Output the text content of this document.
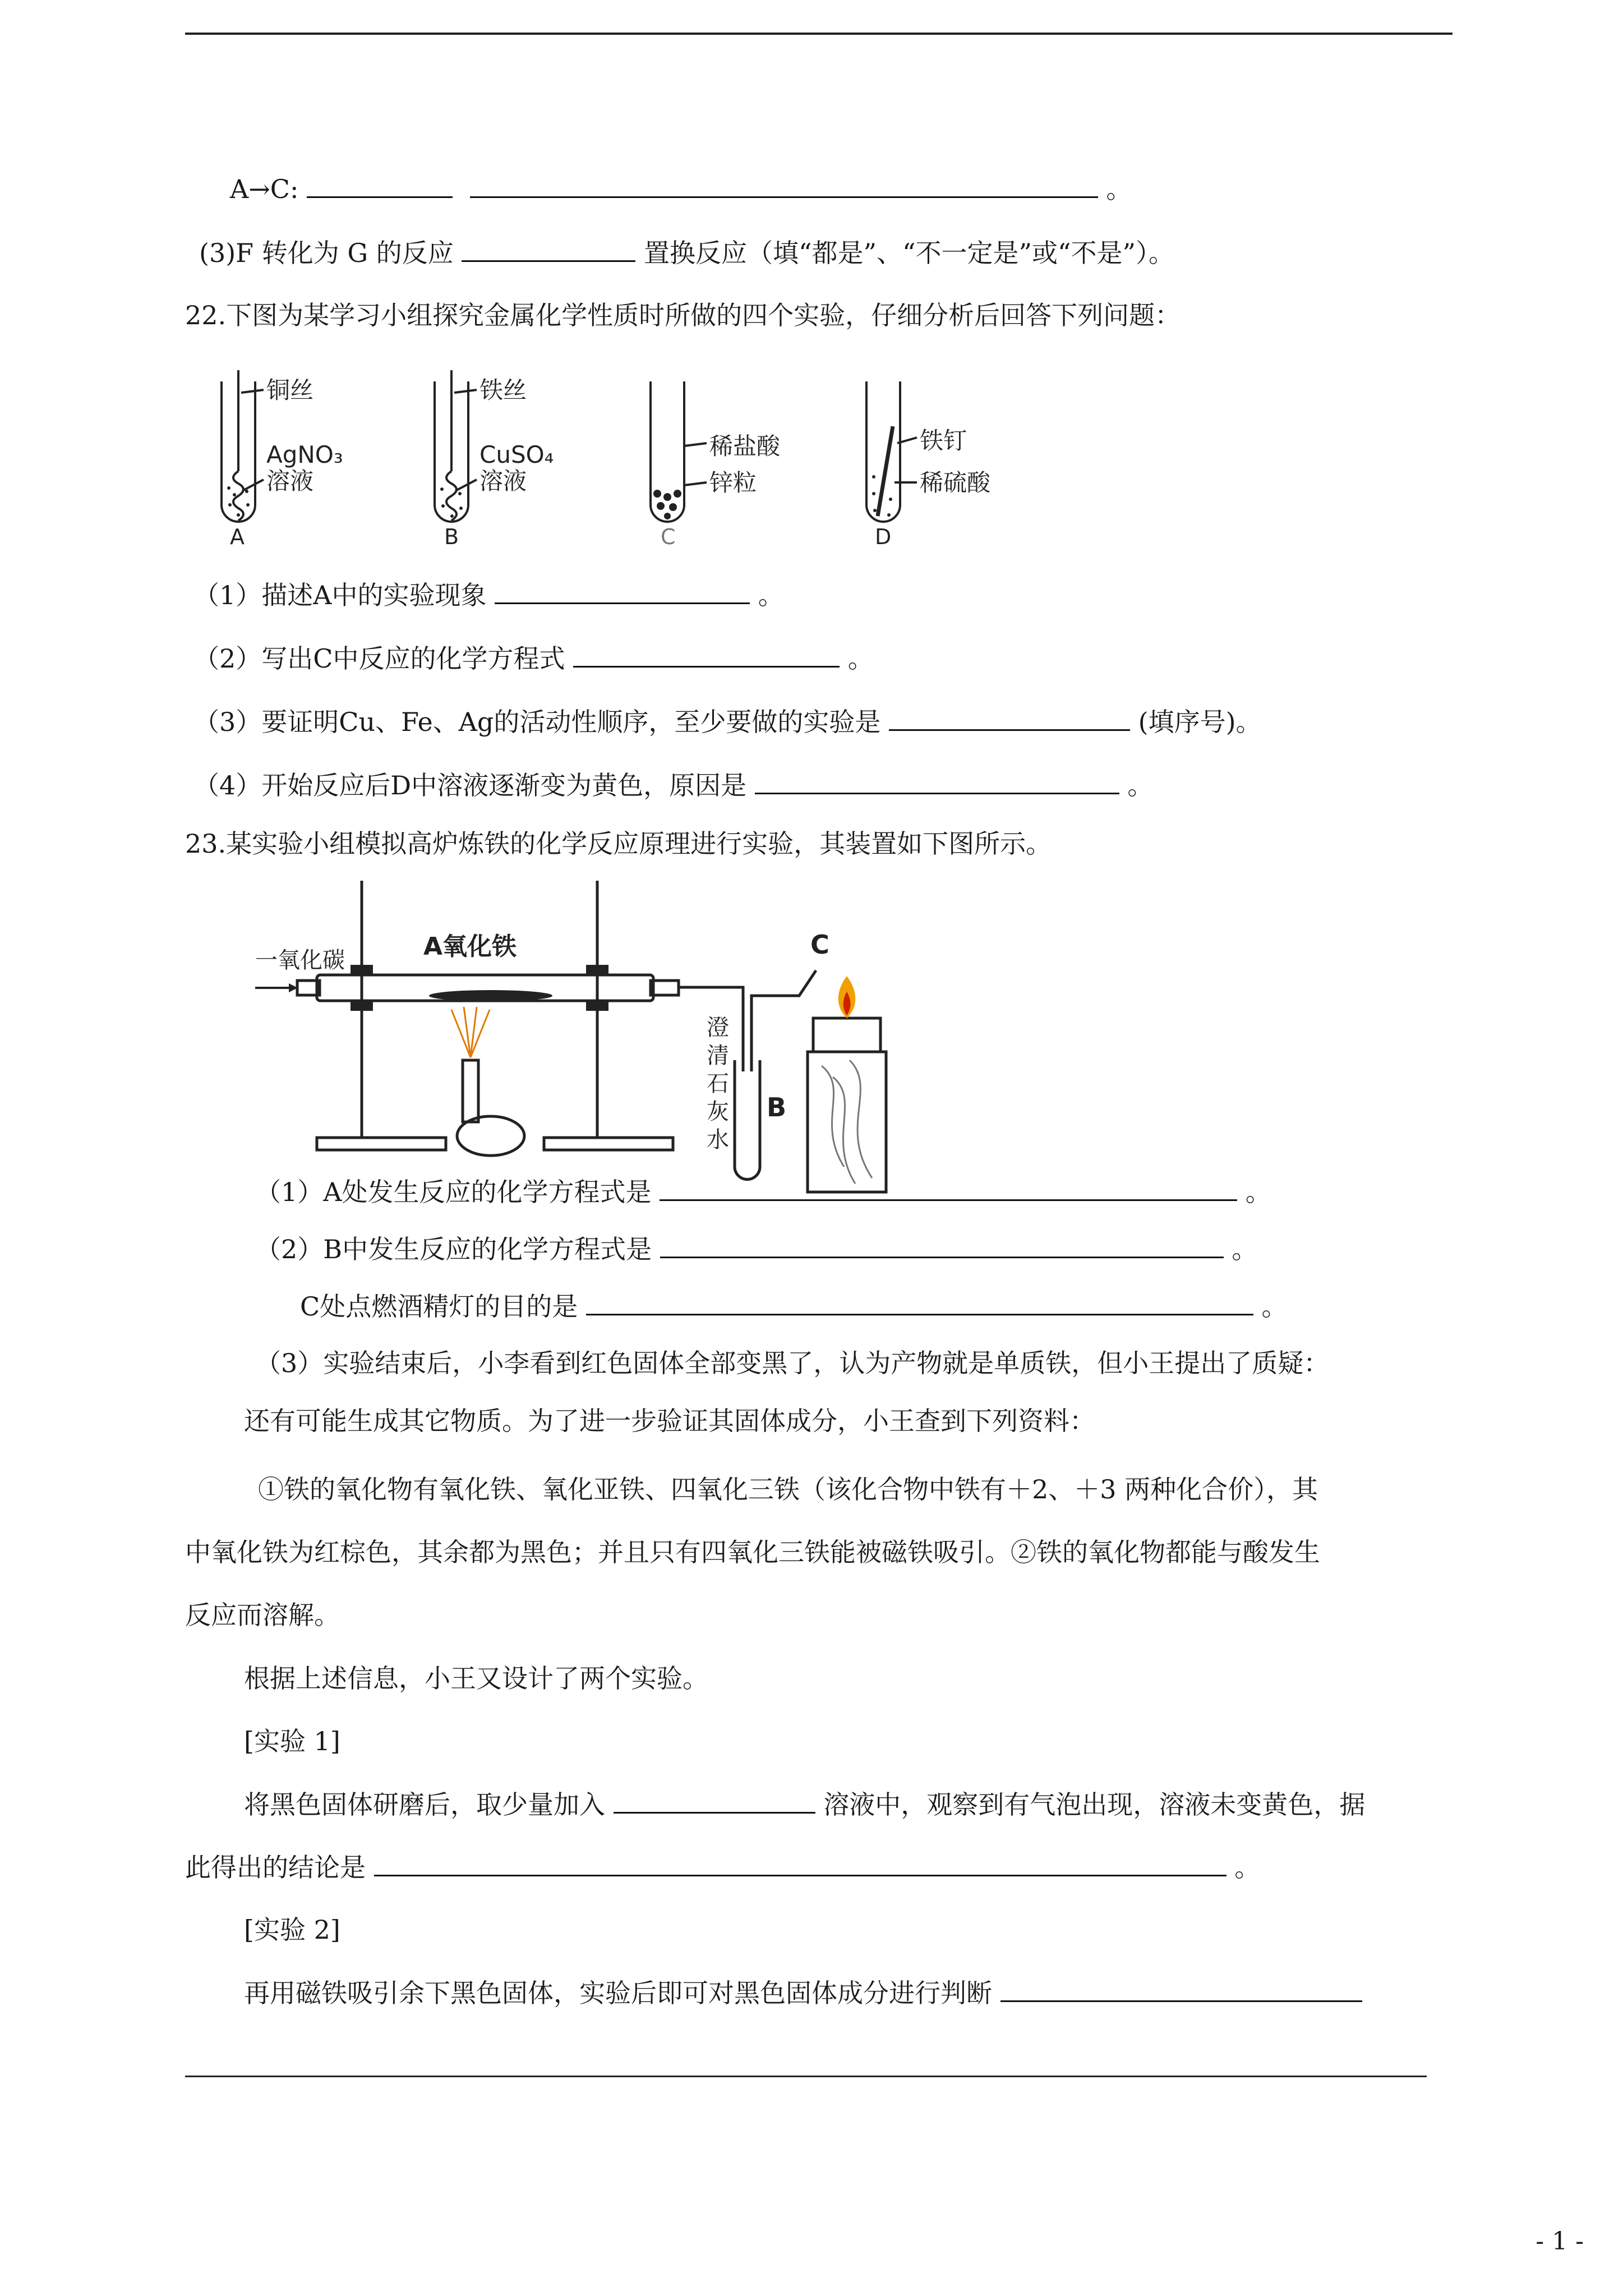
A→C:	。
(3)F 转化为 G 的反应	置换反应（填“都是”、“不一定是”或“不是”）。
22.下图为某学习小组探究金属化学性质时所做的四个实验，仔细分析后回答下列问题：
铜丝
AgNO₃
溶液
A
铁丝
CuSO₄
溶液
B
稀盐酸
锌粒
C
铁钉
稀硫酸
D
（1）描述A中的实验现象	。
（2）写出C中反应的化学方程式	。
（3）要证明Cu、Fe、Ag的活动性顺序，至少要做的实验是	(填序号)。
（4）开始反应后D中溶液逐渐变为黄色，原因是	。
23.某实验小组模拟高炉炼铁的化学反应原理进行实验，其装置如下图所示。
一氧化碳	A氧化铁	C
B
澄
清
石
灰
水
（1）A处发生反应的化学方程式是	。
（2）B中发生反应的化学方程式是	。
C处点燃酒精灯的目的是	。
（3）实验结束后，小李看到红色固体全部变黑了，认为产物就是单质铁，但小王提出了质疑：
还有可能生成其它物质。为了进一步验证其固体成分，小王查到下列资料：
①铁的氧化物有氧化铁、氧化亚铁、四氧化三铁（该化合物中铁有＋2、＋3 两种化合价），其
中氧化铁为红棕色，其余都为黑色；并且只有四氧化三铁能被磁铁吸引。②铁的氧化物都能与酸发生
反应而溶解。
根据上述信息，小王又设计了两个实验。
[实验 1]
将黑色固体研磨后，取少量加入	溶液中，观察到有气泡出现，溶液未变黄色，据
此得出的结论是	。
[实验 2]
再用磁铁吸引余下黑色固体，实验后即可对黑色固体成分进行判断
- 1 -
